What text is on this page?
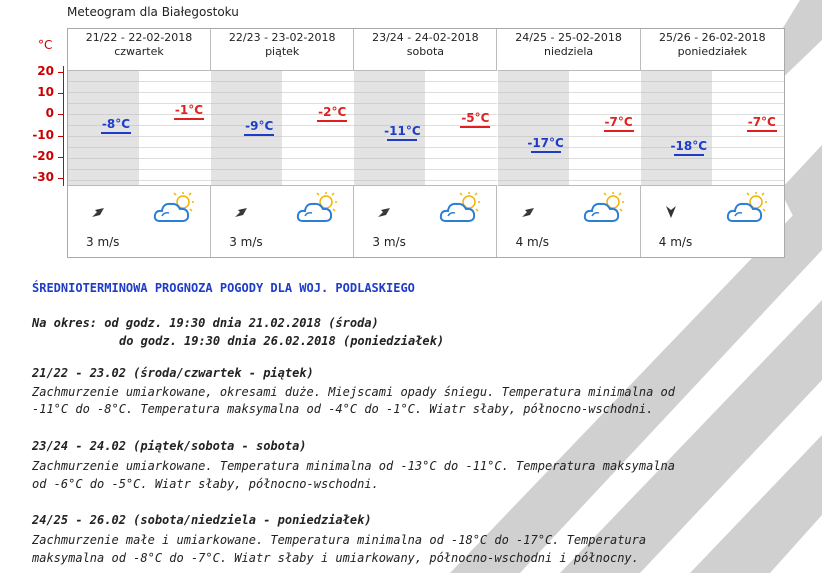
Meteogram dla Białegostoku
°C
20
10
0
-10
-20
-30
21/22 - 22-02-2018
czwartek
-8°C
-1°C
3 m/s
22/23 - 23-02-2018
piątek
-9°C
-2°C
3 m/s
23/24 - 24-02-2018
sobota
-11°C
-5°C
3 m/s
24/25 - 25-02-2018
niedziela
-17°C
-7°C
4 m/s
25/26 - 26-02-2018
poniedziałek
-18°C
-7°C
4 m/s
ŚREDNIOTERMINOWA PROGNOZA POGODY DLA WOJ. PODLASKIEGO
Na okres: od godz. 19:30 dnia 21.02.2018 (środa)
do godz. 19:30 dnia 26.02.2018 (poniedziałek)
21/22 - 23.02 (środa/czwartek - piątek)
Zachmurzenie umiarkowane, okresami duże. Miejscami opady śniegu. Temperatura minimalna od
-11°C do -8°C. Temperatura maksymalna od -4°C do -1°C. Wiatr słaby, północno-wschodni.
23/24 - 24.02 (piątek/sobota - sobota)
Zachmurzenie umiarkowane. Temperatura minimalna od -13°C do -11°C. Temperatura maksymalna
od -6°C do -5°C. Wiatr słaby, północno-wschodni.
24/25 - 26.02 (sobota/niedziela - poniedziałek)
Zachmurzenie małe i umiarkowane. Temperatura minimalna od -18°C do -17°C. Temperatura
maksymalna od -8°C do -7°C. Wiatr słaby i umiarkowany, północno-wschodni i północny.
